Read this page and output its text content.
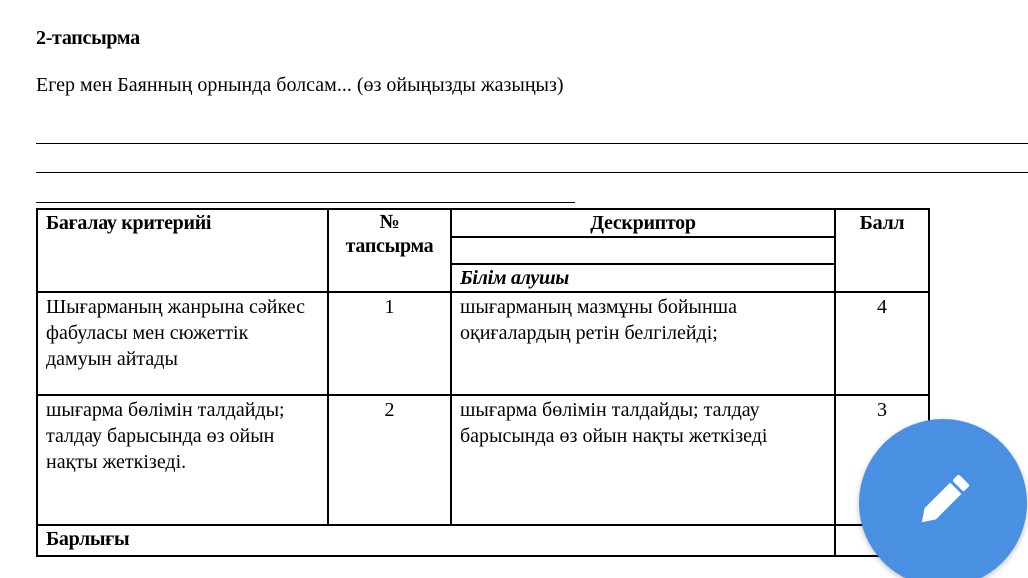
2-тапсырма
Егер мен Баянның орнында болсам... (өз ойыңызды жазыңыз)
Бағалау критерийі	№ тапсырма	Дескриптор	Балл

		Білім алушы	
Шығарманың жанрына сәйкес фабуласы мен сюжеттік дамуын айтады	1	шығарманың мазмұны бойынша оқиғалардың ретін белгілейді;	4
шығарма бөлімін талдайды; талдау барысында өз ойын нақты жеткізеді.	2	шығарма бөлімін талдайды; талдау барысында өз ойын нақты жеткізеді	3
Барлығы			
